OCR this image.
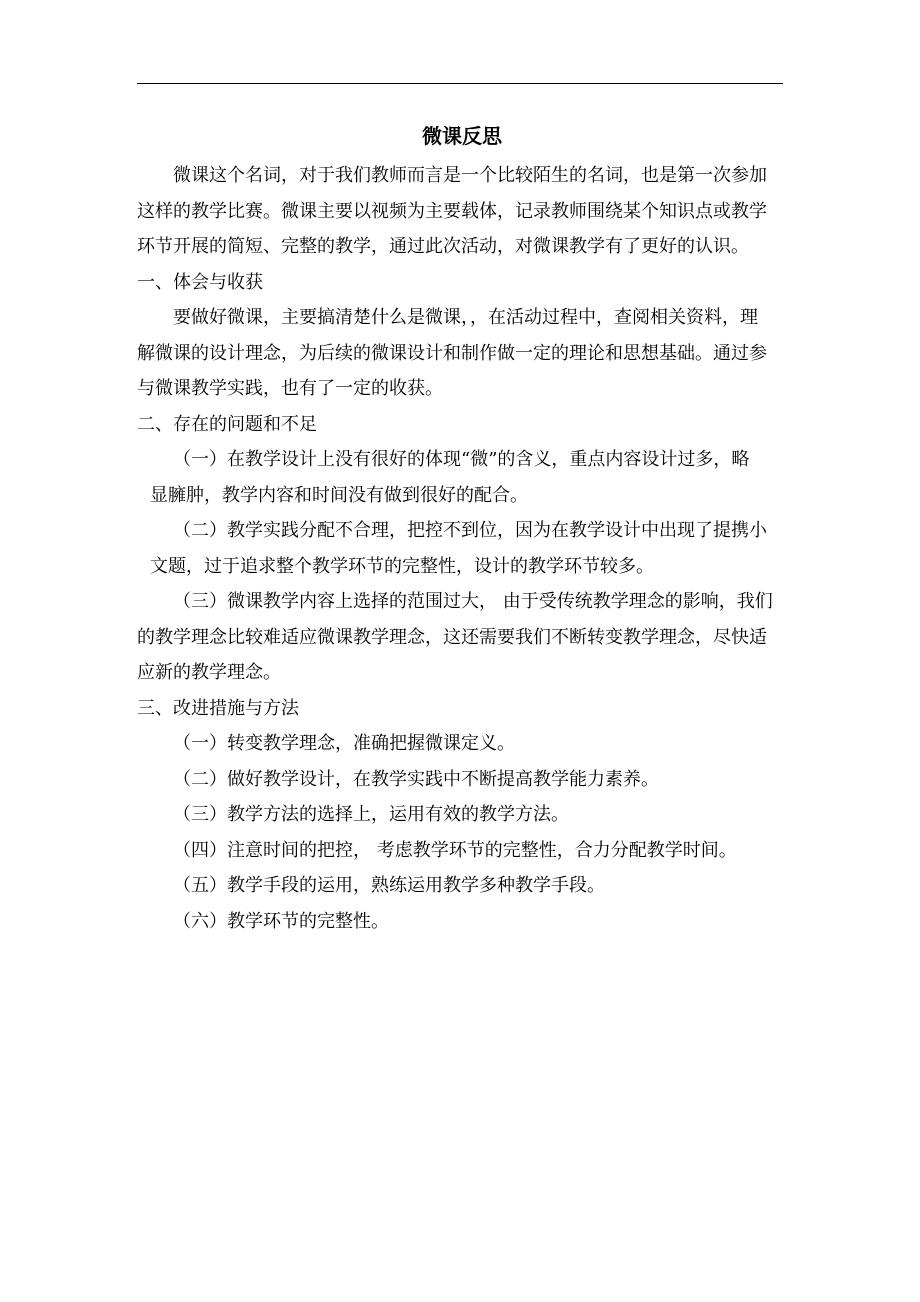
微课反思

微课这个名词，对于我们教师而言是一个比较陌生的名词，也是第一次参加

这样的教学比赛。微课主要以视频为主要载体，记录教师围绕某个知识点或教学

环节开展的简短、完整的教学，通过此次活动，对微课教学有了更好的认识。

一、体会与收获

要做好微课，主要搞清楚什么是微课，，在活动过程中，查阅相关资料，理

解微课的设计理念，为后续的微课设计和制作做一定的理论和思想基础。通过参

与微课教学实践，也有了一定的收获。

二、存在的问题和不足

（一）在教学设计上没有很好的体现“微”的含义，重点内容设计过多，略

显臃肿，教学内容和时间没有做到很好的配合。

（二）教学实践分配不合理，把控不到位，因为在教学设计中出现了提携小

文题，过于追求整个教学环节的完整性，设计的教学环节较多。

（三）微课教学内容上选择的范围过大， 由于受传统教学理念的影响，我们

的教学理念比较难适应微课教学理念，这还需要我们不断转变教学理念，尽快适

应新的教学理念。

三、改进措施与方法

（一）转变教学理念，准确把握微课定义。

（二）做好教学设计，在教学实践中不断提高教学能力素养。

（三）教学方法的选择上，运用有效的教学方法。

（四）注意时间的把控， 考虑教学环节的完整性，合力分配教学时间。

（五）教学手段的运用，熟练运用教学多种教学手段。

（六）教学环节的完整性。
